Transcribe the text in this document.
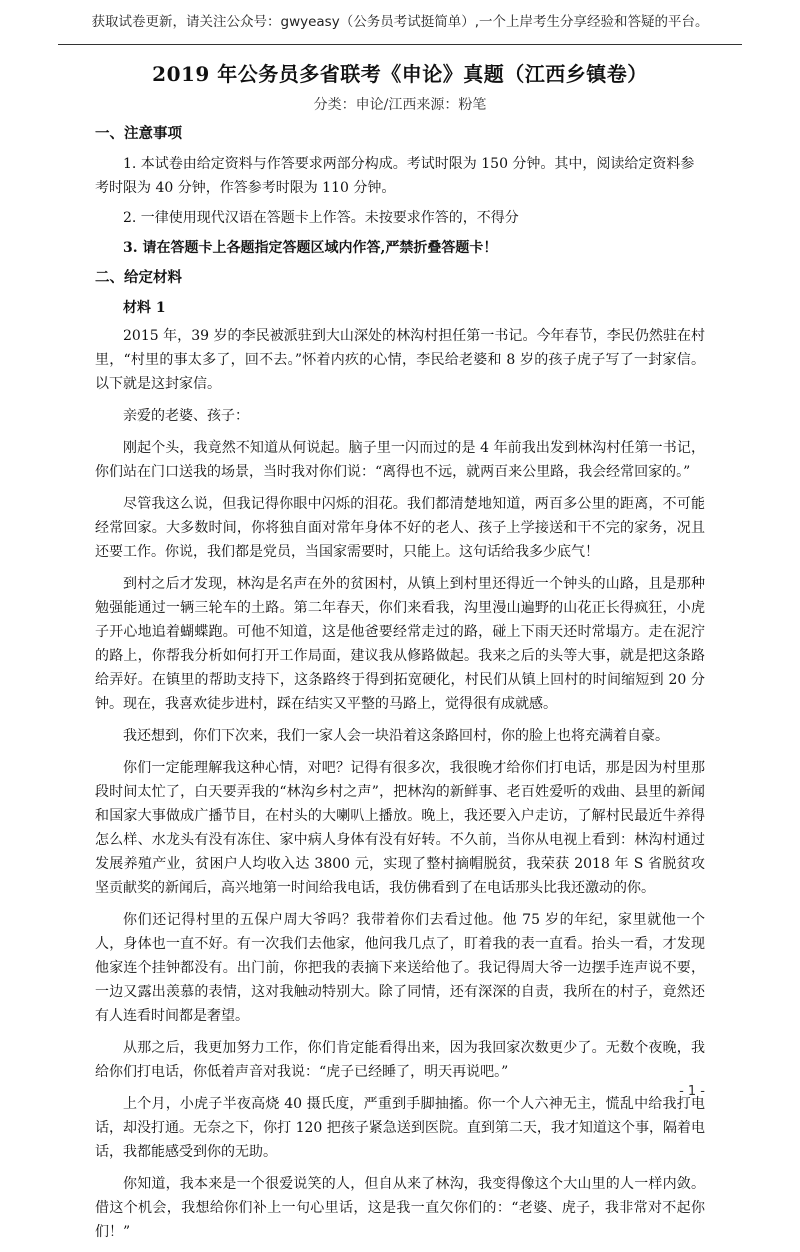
获取试卷更新，请关注公众号：gwyeasy（公务员考试挺简单）,一个上岸考生分享经验和答疑的平台。
2019 年公务员多省联考《申论》真题（江西乡镇卷）
分类：申论/江西来源：粉笔

一、注意事项

1. 本试卷由给定资料与作答要求两部分构成。考试时限为 150 分钟。其中，阅读给定资料参考时限为 40 分钟，作答参考时限为 110 分钟。

2. 一律使用现代汉语在答题卡上作答。未按要求作答的，不得分

3. 请在答题卡上各题指定答题区域内作答,严禁折叠答题卡！

二、给定材料

材料 1

2015 年，39 岁的李民被派驻到大山深处的林沟村担任第一书记。今年春节，李民仍然驻在村里，“村里的事太多了，回不去。”怀着内疚的心情，李民给老婆和 8 岁的孩子虎子写了一封家信。以下就是这封家信。

亲爱的老婆、孩子：

刚起个头，我竟然不知道从何说起。脑子里一闪而过的是 4 年前我出发到林沟村任第一书记，你们站在门口送我的场景，当时我对你们说：“离得也不远，就两百来公里路，我会经常回家的。”

尽管我这么说，但我记得你眼中闪烁的泪花。我们都清楚地知道，两百多公里的距离，不可能经常回家。大多数时间，你将独自面对常年身体不好的老人、孩子上学接送和干不完的家务，况且还要工作。你说，我们都是党员，当国家需要时，只能上。这句话给我多少底气！

到村之后才发现，林沟是名声在外的贫困村，从镇上到村里还得近一个钟头的山路，且是那种勉强能通过一辆三轮车的土路。第二年春天，你们来看我，沟里漫山遍野的山花正长得疯狂，小虎子开心地追着蝴蝶跑。可他不知道，这是他爸要经常走过的路，碰上下雨天还时常塌方。走在泥泞的路上，你帮我分析如何打开工作局面，建议我从修路做起。我来之后的头等大事，就是把这条路给弄好。在镇里的帮助支持下，这条路终于得到拓宽硬化，村民们从镇上回村的时间缩短到 20 分钟。现在，我喜欢徒步进村，踩在结实又平整的马路上，觉得很有成就感。

我还想到，你们下次来，我们一家人会一块沿着这条路回村，你的脸上也将充满着自豪。

你们一定能理解我这种心情，对吧？记得有很多次，我很晚才给你们打电话，那是因为村里那段时间太忙了，白天要弄我的“林沟乡村之声”，把林沟的新鲜事、老百姓爱听的戏曲、县里的新闻和国家大事做成广播节目，在村头的大喇叭上播放。晚上，我还要入户走访，了解村民最近牛养得怎么样、水龙头有没有冻住、家中病人身体有没有好转。不久前，当你从电视上看到：林沟村通过发展养殖产业，贫困户人均收入达 3800 元，实现了整村摘帽脱贫，我荣获 2018 年 S 省脱贫攻坚贡献奖的新闻后，高兴地第一时间给我电话，我仿佛看到了在电话那头比我还激动的你。

你们还记得村里的五保户周大爷吗？我带着你们去看过他。他 75 岁的年纪，家里就他一个人，身体也一直不好。有一次我们去他家，他问我几点了，盯着我的表一直看。抬头一看，才发现他家连个挂钟都没有。出门前，你把我的表摘下来送给他了。我记得周大爷一边摆手连声说不要，一边又露出羡慕的表情，这对我触动特别大。除了同情，还有深深的自责，我所在的村子，竟然还有人连看时间都是奢望。

从那之后，我更加努力工作，你们肯定能看得出来，因为我回家次数更少了。无数个夜晚，我给你们打电话，你低着声音对我说：“虎子已经睡了，明天再说吧。”

上个月，小虎子半夜高烧 40 摄氏度，严重到手脚抽搐。你一个人六神无主，慌乱中给我打电话，却没打通。无奈之下，你打 120 把孩子紧急送到医院。直到第二天，我才知道这个事，隔着电话，我都能感受到你的无助。

你知道，我本来是一个很爱说笑的人，但自从来了林沟，我变得像这个大山里的人一样内敛。借这个机会，我想给你们补上一句心里话，这是我一直欠你们的：“老婆、虎子，我非常对不起你们！”

- 1 -
